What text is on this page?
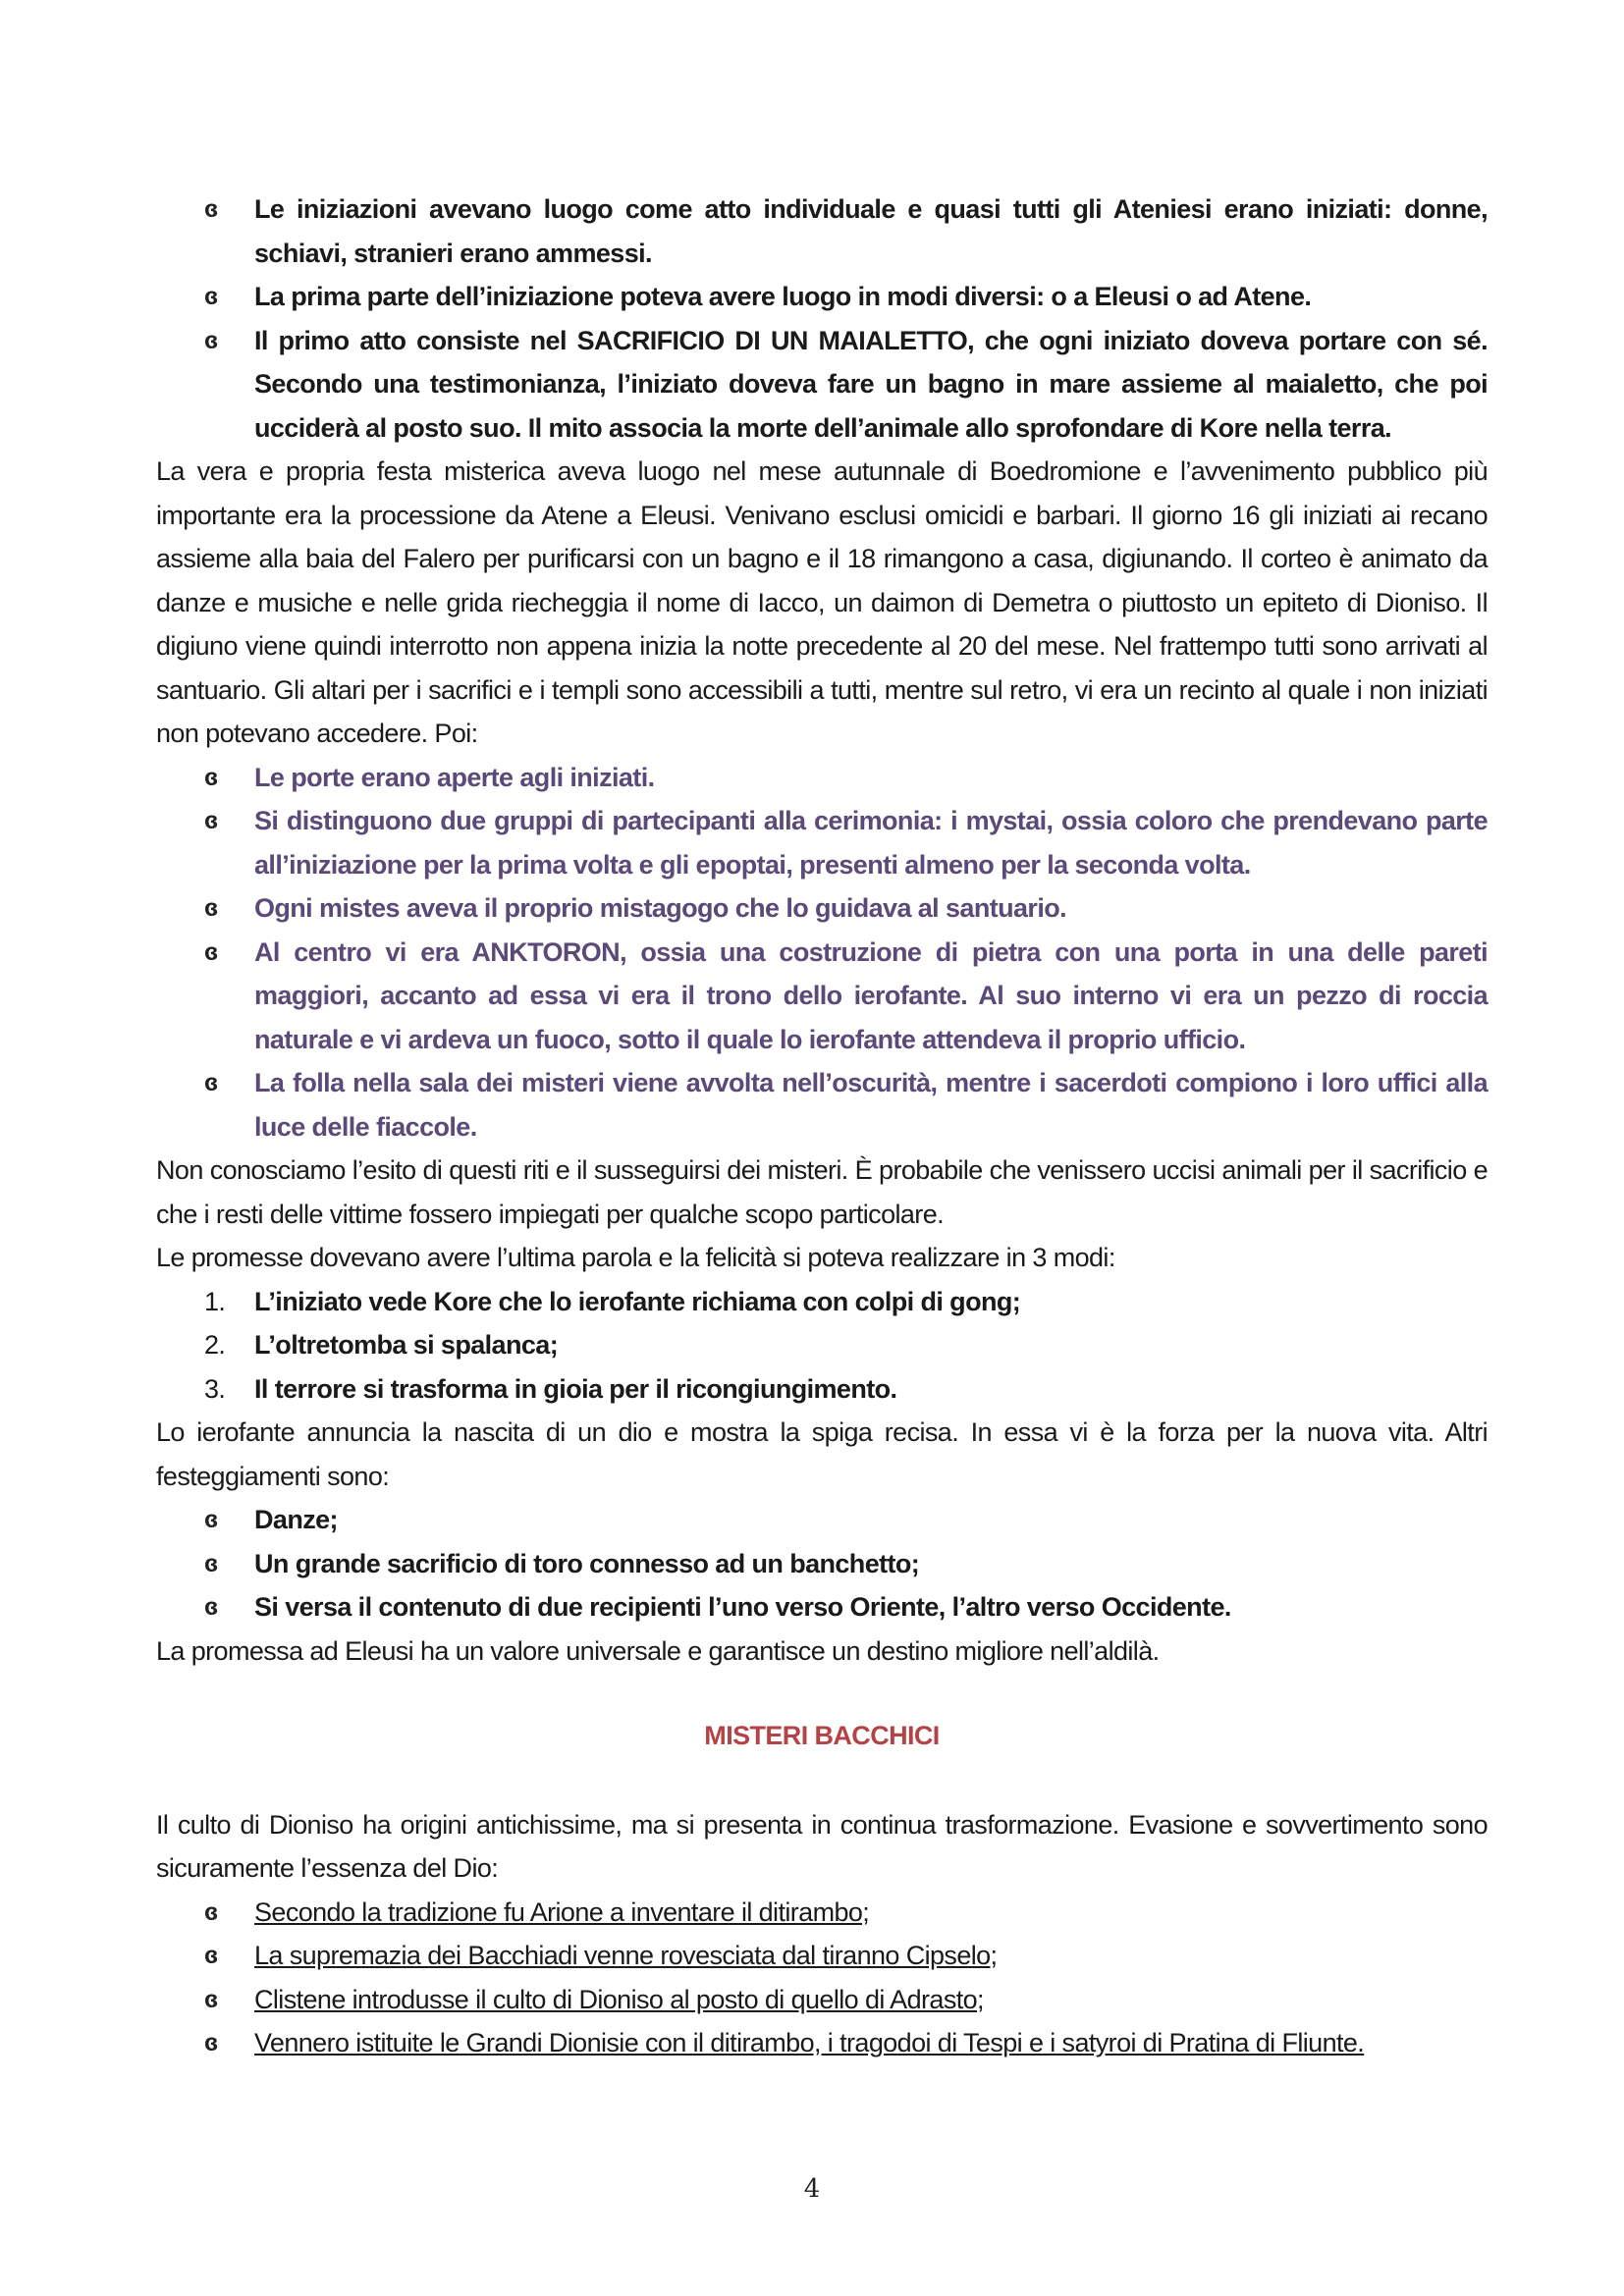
ɞ Le iniziazioni avevano luogo come atto individuale e quasi tutti gli Ateniesi erano iniziati: donne, schiavi, stranieri erano ammessi.
ɞ La prima parte dell’iniziazione poteva avere luogo in modi diversi: o a Eleusi o ad Atene.
ɞ Il primo atto consiste nel SACRIFICIO DI UN MAIALETTO, che ogni iniziato doveva portare con sé. Secondo una testimonianza, l’iniziato doveva fare un bagno in mare assieme al maialetto, che poi ucciderà al posto suo. Il mito associa la morte dell’animale allo sprofondare di Kore nella terra.

La vera e propria festa misterica aveva luogo nel mese autunnale di Boedromione e l’avvenimento pubblico più importante era la processione da Atene a Eleusi. Venivano esclusi omicidi e barbari. Il giorno 16 gli iniziati ai recano assieme alla baia del Falero per purificarsi con un bagno e il 18 rimangono a casa, digiunando. Il corteo è animato da danze e musiche e nelle grida riecheggia il nome di Iacco, un daimon di Demetra o piuttosto un epiteto di Dioniso. Il digiuno viene quindi interrotto non appena inizia la notte precedente al 20 del mese. Nel frattempo tutti sono arrivati al santuario. Gli altari per i sacrifici e i templi sono accessibili a tutti, mentre sul retro, vi era un recinto al quale i non iniziati non potevano accedere. Poi:

ɞ Le porte erano aperte agli iniziati.
ɞ Si distinguono due gruppi di partecipanti alla cerimonia: i mystai, ossia coloro che prendevano parte all’iniziazione per la prima volta e gli epoptai, presenti almeno per la seconda volta.
ɞ Ogni mistes aveva il proprio mistagogo che lo guidava al santuario.
ɞ Al centro vi era ANKTORON, ossia una costruzione di pietra con una porta in una delle pareti maggiori, accanto ad essa vi era il trono dello ierofante. Al suo interno vi era un pezzo di roccia naturale e vi ardeva un fuoco, sotto il quale lo ierofante attendeva il proprio ufficio.
ɞ La folla nella sala dei misteri viene avvolta nell’oscurità, mentre i sacerdoti compiono i loro uffici alla luce delle fiaccole.

Non conosciamo l’esito di questi riti e il susseguirsi dei misteri. È probabile che venissero uccisi animali per il sacrificio e che i resti delle vittime fossero impiegati per qualche scopo particolare.

Le promesse dovevano avere l’ultima parola e la felicità si poteva realizzare in 3 modi:

1. L’iniziato vede Kore che lo ierofante richiama con colpi di gong;
2. L’oltretomba si spalanca;
3. Il terrore si trasforma in gioia per il ricongiungimento.

Lo ierofante annuncia la nascita di un dio e mostra la spiga recisa. In essa vi è la forza per la nuova vita. Altri festeggiamenti sono:

ɞ Danze;
ɞ Un grande sacrificio di toro connesso ad un banchetto;
ɞ Si versa il contenuto di due recipienti l’uno verso Oriente, l’altro verso Occidente.

La promessa ad Eleusi ha un valore universale e garantisce un destino migliore nell’aldilà.

MISTERI BACCHICI

Il culto di Dioniso ha origini antichissime, ma si presenta in continua trasformazione. Evasione e sovvertimento sono sicuramente l’essenza del Dio:

ɞ Secondo la tradizione fu Arione a inventare il ditirambo;
ɞ La supremazia dei Bacchiadi venne rovesciata dal tiranno Cipselo;
ɞ Clistene introdusse il culto di Dioniso al posto di quello di Adrasto;
ɞ Vennero istituite le Grandi Dionisie con il ditirambo, i tragodoi di Tespi e i satyroi di Pratina di Fliunte.
4
